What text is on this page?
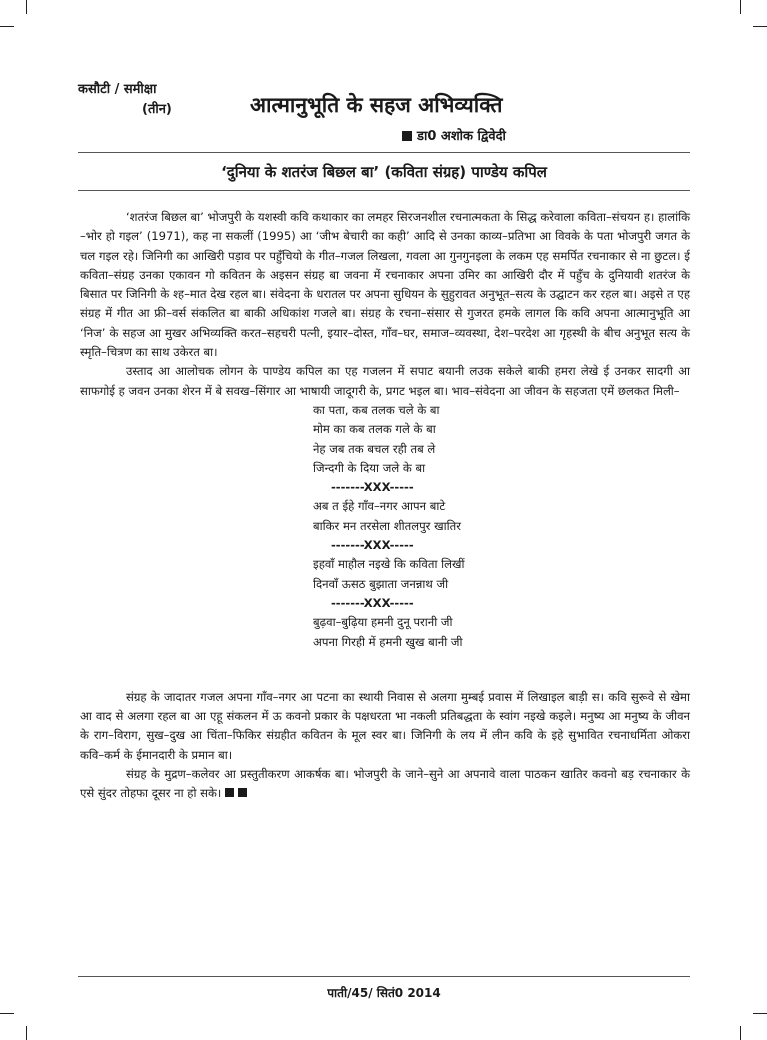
कसौटी / समीक्षा
(तीन)	आत्मानुभूति के सहज अभिव्यक्ति
डा0 अशोक द्विवेदी
‘दुनिया के शतरंज बिछल बा’ (कविता संग्रह) पाण्डेय कपिल

‘शतरंज बिछल बा’ भोजपुरी के यशस्वी कवि कथाकार का लमहर सिरजनशील रचनात्मकता के सिद्ध करेवाला कविता–संचयन ह। हालांकि –भोर हो गइल’ (1971), कह ना सकलीं (1995) आ ‘जीभ बेचारी का कही’ आदि से उनका काव्य–प्रतिभा आ विवके के पता भोजपुरी जगत के चल गइल रहे। जिनिगी का आखिरी पड़ाव पर पहुँचियो के गीत–गजल लिखला, गवला आ गुनगुनइला के लकम एह समर्पित रचनाकार से ना छुटल। ई कविता–संग्रह उनका एकावन गो कवितन के अइसन संग्रह बा जवना में रचनाकार अपना उमिर का आखिरी दौर में पहुँच के दुनियावी शतरंज के बिसात पर जिनिगी के श्ह–मात देख रहल बा। संवेदना के धरातल पर अपना सुधियन के सुहुरावत अनुभूत–सत्य के उद्घाटन कर रहल बा। अइसे त एह संग्रह में गीत आ फ्री–वर्स संकलित बा बाकी अधिकांश गजले बा। संग्रह के रचना–संसार से गुजरत हमके लागल कि कवि अपना आत्मानुभूति आ ‘निज’ के सहज आ मुखर अभिव्यक्ति करत–सहचरी पत्नी, इयार–दोस्त, गाँव–घर, समाज–व्यवस्था, देश–परदेश आ गृहस्थी के बीच अनुभूत सत्य के स्मृति–चित्रण का साथ उकेरत बा।

उस्ताद आ आलोचक लोगन के पाण्डेय कपिल का एह गजलन में सपाट बयानी लउक सकेले बाकी हमरा लेखे ई उनकर सादगी आ साफगोई ह जवन उनका शेरन में बे सवख–सिंगार आ भाषायी जादूगरी के, प्रगट भइल बा। भाव–संवेदना आ जीवन के सहजता एमें छलकत मिली–

का पता, कब तलक चले के बा
मोम का कब तलक गले के बा
नेह जब तक बचल रही तब ले
जिन्दगी के दिया जले के बा
-------XXX-----
अब त ईहे गाँव–नगर आपन बाटे
बाकिर मन तरसेला शीतलपुर खातिर
-------XXX-----
इहवाँ माहौल नइखे कि कविता लिखीं
दिनवाँ ऊसठ बुझाता जनन्नाथ जी
-------XXX-----
बुढ़वा–बुढ़िया हमनी दुनू परानी जी
अपना गिरही में हमनी खुख बानी जी

संग्रह के जादातर गजल अपना गाँव–नगर आ पटना का स्थायी निवास से अलगा मुम्बई प्रवास में लिखाइल बाड़ी स। कवि सुरूवे से खेमा आ वाद से अलगा रहल बा आ एहू संकलन में ऊ कवनो प्रकार के पक्षधरता भा नकली प्रतिबद्धता के स्वांग नइखे कइले। मनुष्य आ मनुष्य के जीवन के राग–विराग, सुख–दुख आ चिंता–फिकिर संग्रहीत कवितन के मूल स्वर बा। जिनिगी के लय में लीन कवि के इहे सुभावित रचनाधर्मिता ओकरा कवि–कर्म के ईमानदारी के प्रमान बा।

संग्रह के मुद्रण–कलेवर आ प्रस्तुतीकरण आकर्षक बा। भोजपुरी के जाने–सुने आ अपनावे वाला पाठकन खातिर कवनो बड़ रचनाकार के एसे सुंदर तोहफा दूसर ना हो सके।

पाती/45/ सितं0 2014
